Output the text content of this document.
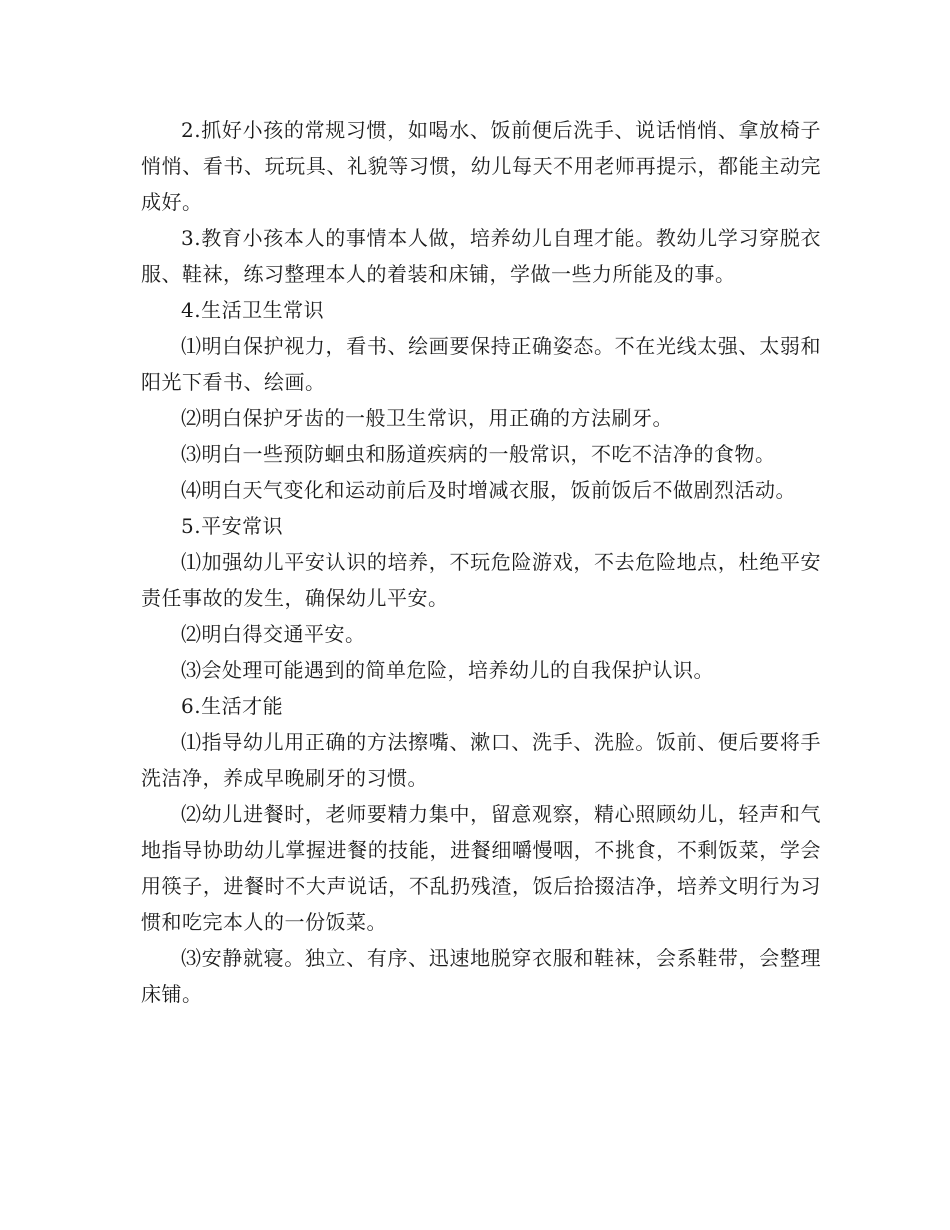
2.抓好小孩的常规习惯，如喝水、饭前便后洗手、说话悄悄、拿放椅子悄悄、看书、玩玩具、礼貌等习惯，幼儿每天不用老师再提示，都能主动完成好。

3.教育小孩本人的事情本人做，培养幼儿自理才能。教幼儿学习穿脱衣服、鞋袜，练习整理本人的着装和床铺，学做一些力所能及的事。

4.生活卫生常识

⑴明白保护视力，看书、绘画要保持正确姿态。不在光线太强、太弱和阳光下看书、绘画。

⑵明白保护牙齿的一般卫生常识，用正确的方法刷牙。

⑶明白一些预防蛔虫和肠道疾病的一般常识，不吃不洁净的食物。

⑷明白天气变化和运动前后及时增减衣服，饭前饭后不做剧烈活动。

5.平安常识

⑴加强幼儿平安认识的培养，不玩危险游戏，不去危险地点，杜绝平安责任事故的发生，确保幼儿平安。

⑵明白得交通平安。

⑶会处理可能遇到的简单危险，培养幼儿的自我保护认识。

6.生活才能

⑴指导幼儿用正确的方法擦嘴、漱口、洗手、洗脸。饭前、便后要将手洗洁净，养成早晚刷牙的习惯。

⑵幼儿进餐时，老师要精力集中，留意观察，精心照顾幼儿，轻声和气地指导协助幼儿掌握进餐的技能，进餐细嚼慢咽，不挑食，不剩饭菜，学会用筷子，进餐时不大声说话，不乱扔残渣，饭后拾掇洁净，培养文明行为习惯和吃完本人的一份饭菜。

⑶安静就寝。独立、有序、迅速地脱穿衣服和鞋袜，会系鞋带，会整理床铺。
